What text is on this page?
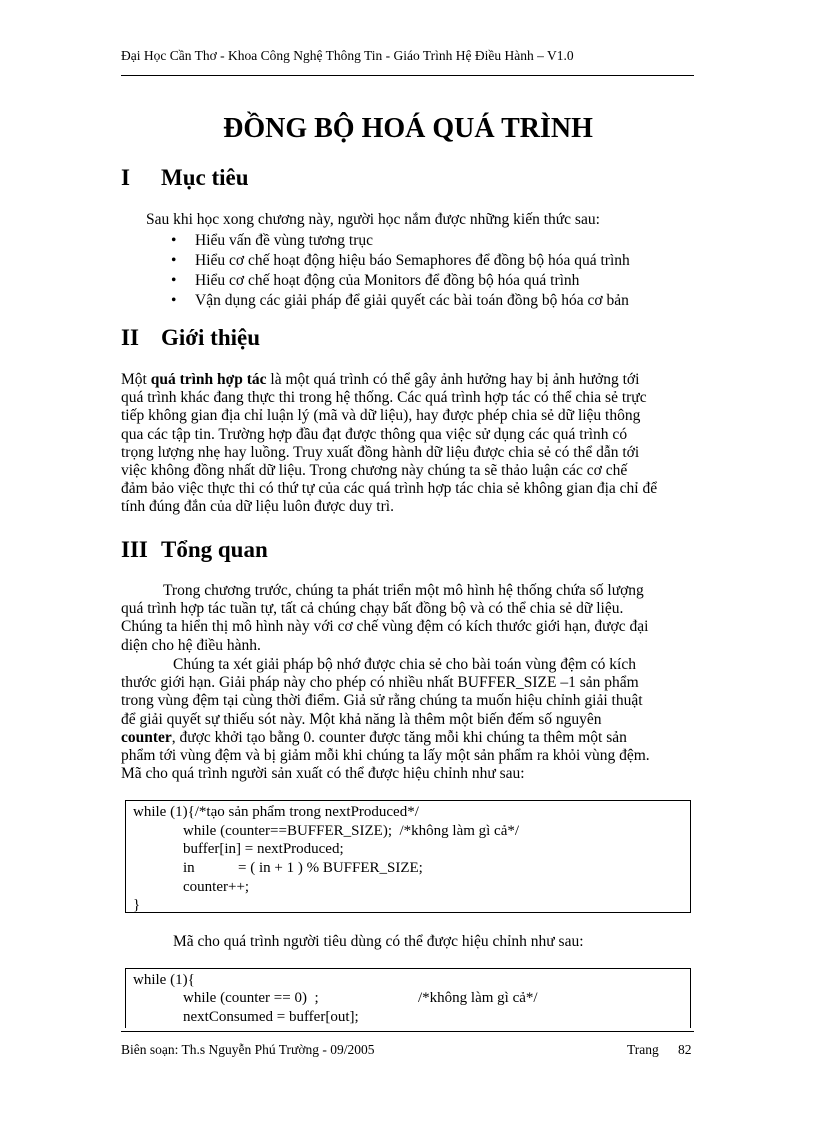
Đại Học Cần Thơ - Khoa Công Nghệ Thông Tin - Giáo Trình Hệ Điều Hành – V1.0
ĐỒNG BỘ HOÁ QUÁ TRÌNH
I Mục tiêu
Sau khi học xong chương này, người học nắm được những kiến thức sau:
• Hiểu vấn đề vùng tương trục
• Hiểu cơ chế hoạt động hiệu báo Semaphores để đồng bộ hóa quá trình
• Hiểu cơ chế hoạt động của Monitors để đồng bộ hóa quá trình
• Vận dụng các giải pháp để giải quyết các bài toán đồng bộ hóa cơ bản
II Giới thiệu
Một quá trình hợp tác là một quá trình có thể gây ảnh hưởng hay bị ảnh hưởng tới
quá trình khác đang thực thi trong hệ thống. Các quá trình hợp tác có thể chia sẻ trực
tiếp không gian địa chỉ luận lý (mã và dữ liệu), hay được phép chia sẻ dữ liệu thông
qua các tập tin. Trường hợp đầu đạt được thông qua việc sử dụng các quá trình có
trọng lượng nhẹ hay luồng. Truy xuất đồng hành dữ liệu được chia sẻ có thể dẫn tới
việc không đồng nhất dữ liệu. Trong chương này chúng ta sẽ thảo luận các cơ chế
đảm bảo việc thực thi có thứ tự của các quá trình hợp tác chia sẻ không gian địa chỉ để
tính đúng đắn của dữ liệu luôn được duy trì.
III Tổng quan
Trong chương trước, chúng ta phát triển một mô hình hệ thống chứa số lượng
quá trình hợp tác tuần tự, tất cả chúng chạy bất đồng bộ và có thể chia sẻ dữ liệu.
Chúng ta hiển thị mô hình này với cơ chế vùng đệm có kích thước giới hạn, được đại
diện cho hệ điều hành.
Chúng ta xét giải pháp bộ nhớ được chia sẻ cho bài toán vùng đệm có kích
thước giới hạn. Giải pháp này cho phép có nhiều nhất BUFFER_SIZE –1 sản phẩm
trong vùng đệm tại cùng thời điểm. Giả sử rằng chúng ta muốn hiệu chỉnh giải thuật
để giải quyết sự thiếu sót này. Một khả năng là thêm một biến đếm số nguyên
counter, được khởi tạo bằng 0. counter được tăng mỗi khi chúng ta thêm một sản
phẩm tới vùng đệm và bị giảm mỗi khi chúng ta lấy một sản phẩm ra khỏi vùng đệm.
Mã cho quá trình người sản xuất có thể được hiệu chỉnh như sau:
while (1){/*tạo sản phẩm trong nextProduced*/
while (counter==BUFFER_SIZE);  /*không làm gì cả*/
buffer[in] = nextProduced;
in	= ( in + 1 ) % BUFFER_SIZE;
counter++;
}
Mã cho quá trình người tiêu dùng có thể được hiệu chỉnh như sau:
while (1){
while (counter == 0)  ;	/*không làm gì cả*/
nextConsumed = buffer[out];
Biên soạn: Th.s Nguyễn Phú Trường - 09/2005	Trang 82
